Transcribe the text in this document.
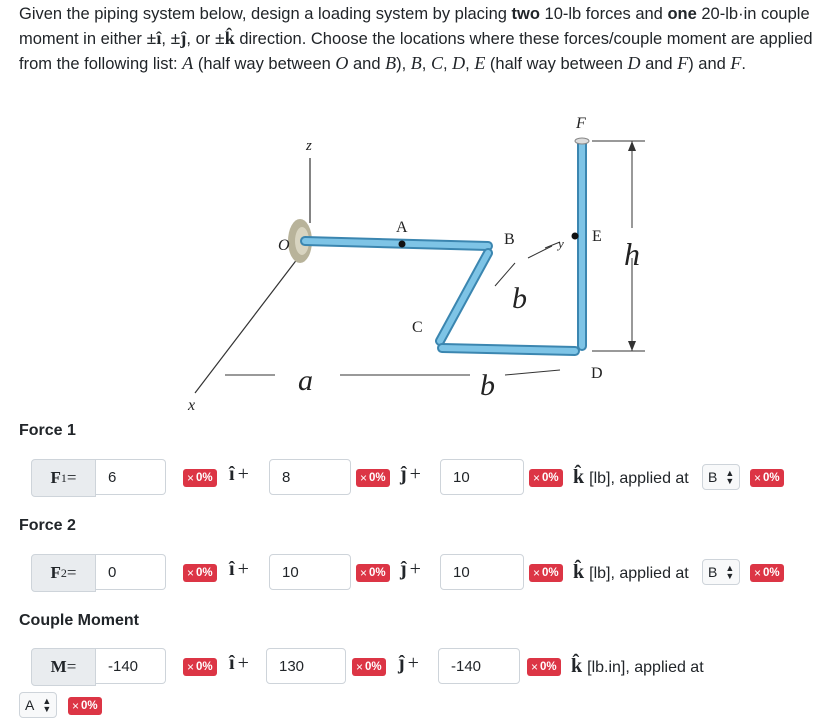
Given the piping system below, design a loading system by placing two 10-lb forces and one 20-lb·in couple moment in either ±î, ±ĵ, or ±k̂ direction. Choose the locations where these forces/couple moment are applied from the following list: A (half way between O and B), B, C, D, E (half way between D and F) and F.
z
x
O
A
B
C
D
E
F
y
a	b
b
h
Force 1
F 1 =	6	× 0% î +	8	× 0% ĵ +	10	× 0% k̂ [lb], applied at B ▲
▼ × 0%
Force 2
F 2 =	0	× 0% î +	10	× 0% ĵ +	10	× 0% k̂ [lb], applied at B ▲
▼ × 0%
Couple Moment
M =	-140	× 0% î +	130	× 0% ĵ +	-140	× 0% k̂ [lb.in], applied at
A ▲
▼ × 0%
